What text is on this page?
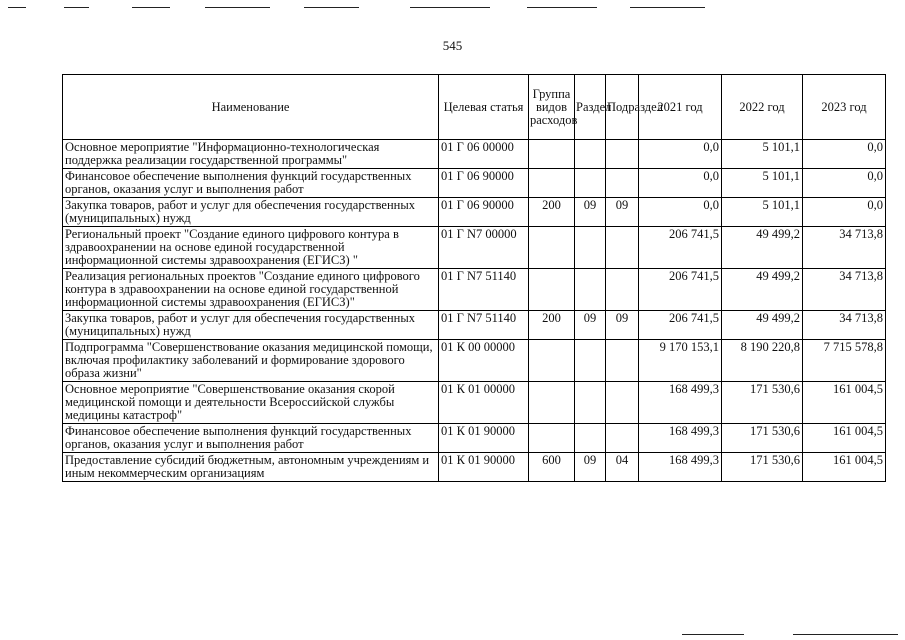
545
Наименование	Целевая статья	Группа видов расходов	Раздел	Подраздел	2021 год	2022 год	2023 год
Основное мероприятие "Информационно-технологическая поддержка реализации государственной программы"	01 Г 06 00000				0,0	5 101,1	0,0
Финансовое обеспечение выполнения функций государственных органов, оказания услуг и выполнения работ	01 Г 06 90000				0,0	5 101,1	0,0
Закупка товаров, работ и услуг для обеспечения государственных (муниципальных) нужд	01 Г 06 90000	200	09	09	0,0	5 101,1	0,0
Региональный проект "Создание единого цифрового контура в здравоохранении на основе единой государственной информационной системы здравоохранения (ЕГИСЗ) "	01 Г N7 00000				206 741,5	49 499,2	34 713,8
Реализация региональных проектов "Создание единого цифрового контура в здравоохранении на основе единой государственной информационной системы здравоохранения (ЕГИСЗ)"	01 Г N7 51140				206 741,5	49 499,2	34 713,8
Закупка товаров, работ и услуг для обеспечения государственных (муниципальных) нужд	01 Г N7 51140	200	09	09	206 741,5	49 499,2	34 713,8
Подпрограмма "Совершенствование оказания медицинской помощи, включая профилактику заболеваний и формирование здорового образа жизни"	01 К 00 00000				9 170 153,1	8 190 220,8	7 715 578,8
Основное мероприятие "Совершенствование оказания скорой медицинской помощи и деятельности Всероссийской службы медицины катастроф"	01 К 01 00000				168 499,3	171 530,6	161 004,5
Финансовое обеспечение выполнения функций государственных органов, оказания услуг и выполнения работ	01 К 01 90000				168 499,3	171 530,6	161 004,5
Предоставление субсидий бюджетным, автономным учреждениям и иным некоммерческим организациям	01 К 01 90000	600	09	04	168 499,3	171 530,6	161 004,5
